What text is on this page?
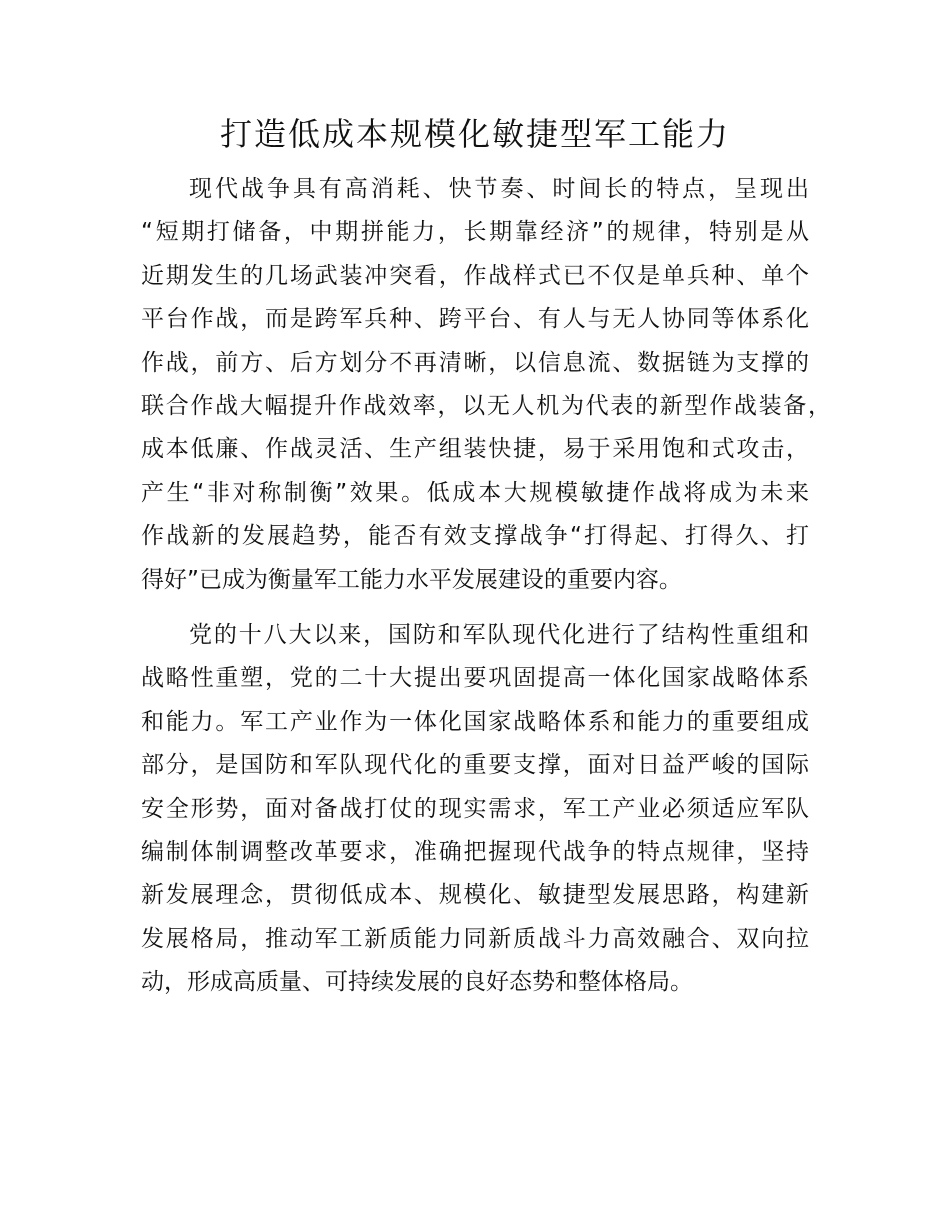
打造低成本规模化敏捷型军工能力
现代战争具有高消耗、快节奏、时间长的特点，呈现出
“短期打储备，中期拼能力，长期靠经济”的规律，特别是从
近期发生的几场武装冲突看，作战样式已不仅是单兵种、单个
平台作战，而是跨军兵种、跨平台、有人与无人协同等体系化
作战，前方、后方划分不再清晰，以信息流、数据链为支撑的
联合作战大幅提升作战效率，以无人机为代表的新型作战装备，
成本低廉、作战灵活、生产组装快捷，易于采用饱和式攻击，
产生“非对称制衡”效果。低成本大规模敏捷作战将成为未来
作战新的发展趋势，能否有效支撑战争“打得起、打得久、打
得好”已成为衡量军工能力水平发展建设的重要内容。
党的十八大以来，国防和军队现代化进行了结构性重组和
战略性重塑，党的二十大提出要巩固提高一体化国家战略体系
和能力。军工产业作为一体化国家战略体系和能力的重要组成
部分，是国防和军队现代化的重要支撑，面对日益严峻的国际
安全形势，面对备战打仗的现实需求，军工产业必须适应军队
编制体制调整改革要求，准确把握现代战争的特点规律，坚持
新发展理念，贯彻低成本、规模化、敏捷型发展思路，构建新
发展格局，推动军工新质能力同新质战斗力高效融合、双向拉
动，形成高质量、可持续发展的良好态势和整体格局。
